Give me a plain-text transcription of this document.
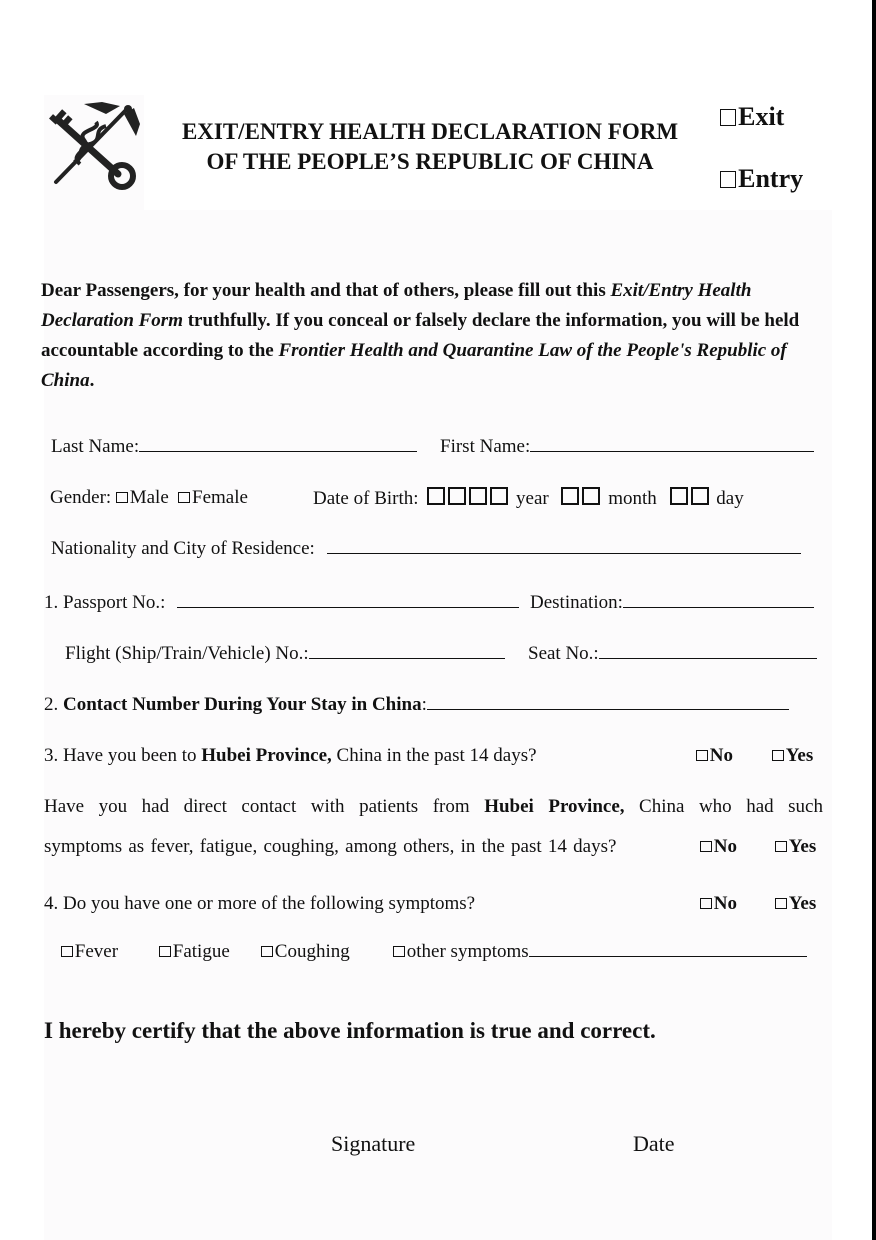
EXIT/ENTRY HEALTH DECLARATION FORM
OF THE PEOPLE’S REPUBLIC OF CHINA
Exit
Entry
Dear Passengers, for your health and that of others, please fill out this Exit/Entry Health Declaration Form truthfully. If you conceal or falsely declare the information, you will be held accountable according to the Frontier Health and Quarantine Law of the People's Republic of China.
Last Name:	First Name:
Gender: Male Female	Date of Birth:	year	month	day
Nationality and City of Residence:
1. Passport No.:	Destination:
Flight (Ship/Train/Vehicle) No.:	Seat No.:
2. Contact Number During Your Stay in China:
3. Have you been to Hubei Province, China in the past 14 days?	No	Yes
Have you had direct contact with patients from Hubei Province, China who had such
symptoms as fever, fatigue, coughing, among others, in the past 14 days?	No	Yes
4. Do you have one or more of the following symptoms?	No	Yes
Fever	Fatigue	Coughing	other symptoms
I hereby certify that the above information is true and correct.
Signature	Date
